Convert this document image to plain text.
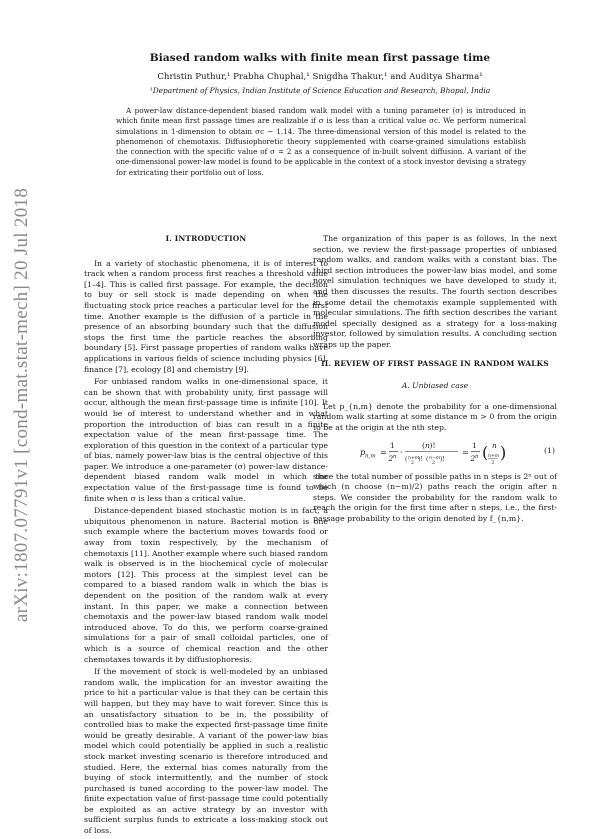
arXiv:1807.07791v1 [cond-mat.stat-mech] 20 Jul 2018
Biased random walks with finite mean first passage time
Christin Puthur,¹ Prabha Chuphal,¹ Snigdha Thakur,¹ and Auditya Sharma¹
¹Department of Physics, Indian Institute of Science Education and Research, Bhopal, India

A power-law distance-dependent biased random walk model with a tuning parameter (σ) is introduced in which finite mean first passage times are realizable if σ is less than a critical value σc. We perform numerical simulations in 1-dimension to obtain σc ∼ 1.14. The three-dimensional version of this model is related to the phenomenon of chemotaxis. Diffusiophoretic theory supplemented with coarse-grained simulations establish the connection with the specific value of σ = 2 as a consequence of in-built solvent diffusion. A variant of the one-dimensional power-law model is found to be applicable in the context of a stock investor devising a strategy for extricating their portfolio out of loss.

I. INTRODUCTION

In a variety of stochastic phenomena, it is of interest to track when a random process first reaches a threshold value [1–4]. This is called first passage. For example, the decision to buy or sell stock is made depending on when the fluctuating stock price reaches a particular level for the first time. Another example is the diffusion of a particle in the presence of an absorbing boundary such that the diffusion stops the first time the particle reaches the absorbing boundary [5]. First passage properties of random walks have applications in various fields of science including physics [6], finance [7], ecology [8] and chemistry [9].

For unbiased random walks in one-dimensional space, it can be shown that with probability unity, first passage will occur, although the mean first-passage time is infinite [10]. It would be of interest to understand whether and in what proportion the introduction of bias can result in a finite expectation value of the mean first-passage time. The exploration of this question in the context of a particular type of bias, namely power-law bias is the central objective of this paper. We introduce a one-parameter (σ) power-law distance-dependent biased random walk model in which the expectation value of the first-passage time is found to be finite when σ is less than a critical value.

Distance-dependent biased stochastic motion is in fact, a ubiquitous phenomenon in nature. Bacterial motion is one such example where the bacterium moves towards food or away from toxin respectively, by the mechanism of chemotaxis [11]. Another example where such biased random walk is observed is in the biochemical cycle of molecular motors [12]. This process at the simplest level can be compared to a biased random walk in which the bias is dependent on the position of the random walk at every instant. In this paper, we make a connection between chemotaxis and the power-law biased random walk model introduced above. To do this, we perform coarse-grained simulations for a pair of small colloidal particles, one of which is a source of chemical reaction and the other chemotaxes towards it by diffusiophoresis.

If the movement of stock is well-modeled by an unbiased random walk, the implication for an investor awaiting the price to hit a particular value is that they can be certain this will happen, but they may have to wait forever. Since this is an unsatisfactory situation to be in, the possibility of controlled bias to make the expected first-passage time finite would be greatly desirable. A variant of the power-law bias model which could potentially be applied in such a realistic stock market investing scenario is therefore introduced and studied. Here, the external bias comes naturally from the buying of stock intermittently, and the number of stock purchased is tuned according to the power-law model. The finite expectation value of first-passage time could potentially be exploited as an active strategy by an investor with sufficient surplus funds to extricate a loss-making stock out of loss.

The organization of this paper is as follows. In the next section, we review the first-passage properties of unbiased random walks, and random walks with a constant bias. The third section introduces the power-law bias model, and some novel simulation techniques we have developed to study it, and then discusses the results. The fourth section describes in some detail the chemotaxis example supplemented with molecular simulations. The fifth section describes the variant model specially designed as a strategy for a loss-making investor, followed by simulation results. A concluding section wraps up the paper.

II. REVIEW OF FIRST PASSAGE IN RANDOM WALKS
A. Unbiased case

Let p_{n,m} denote the probability for a one-dimensional random walk starting at some distance m > 0 from the origin to be at the origin at the nth step.

p n,m =
1
2 n ·
( n )!
( n+m
2
)! ( n−m
2
)!
=
1
2 n ( n
n+m
2
)	(1)

since the total number of possible paths in n steps is 2ⁿ out of which (n choose (n−m)/2) paths reach the origin after n steps. We consider the probability for the random walk to reach the origin for the first time after n steps, i.e., the first-passage probability to the origin denoted by f_{n,m}.
